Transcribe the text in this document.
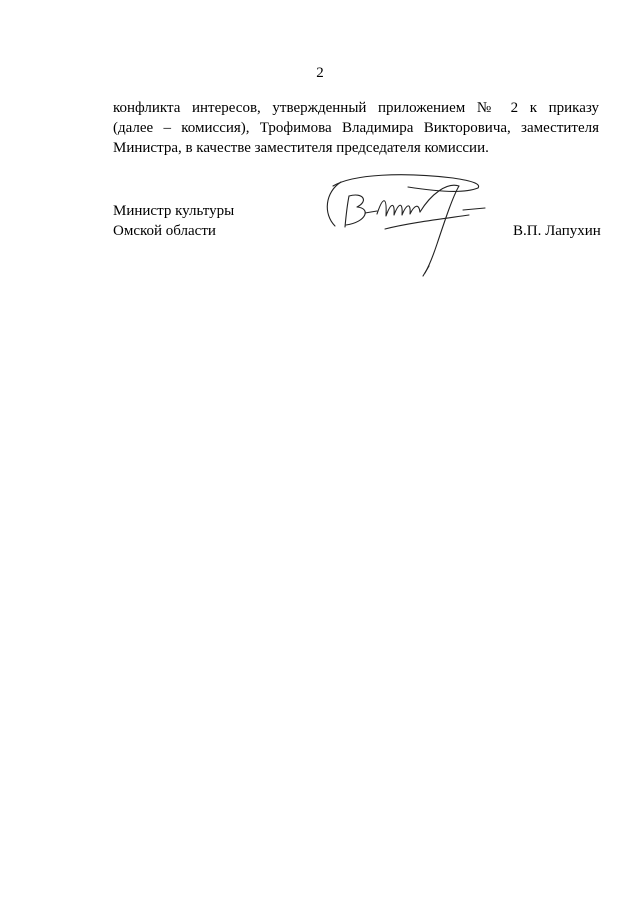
2

конфликта интересов, утвержденный приложением № 2 к приказу
(далее – комиссия), Трофимова Владимира Викторовича, заместителя
Министра, в качестве заместителя председателя комиссии.

Министр культуры
Омской области	В.П. Лапухин
